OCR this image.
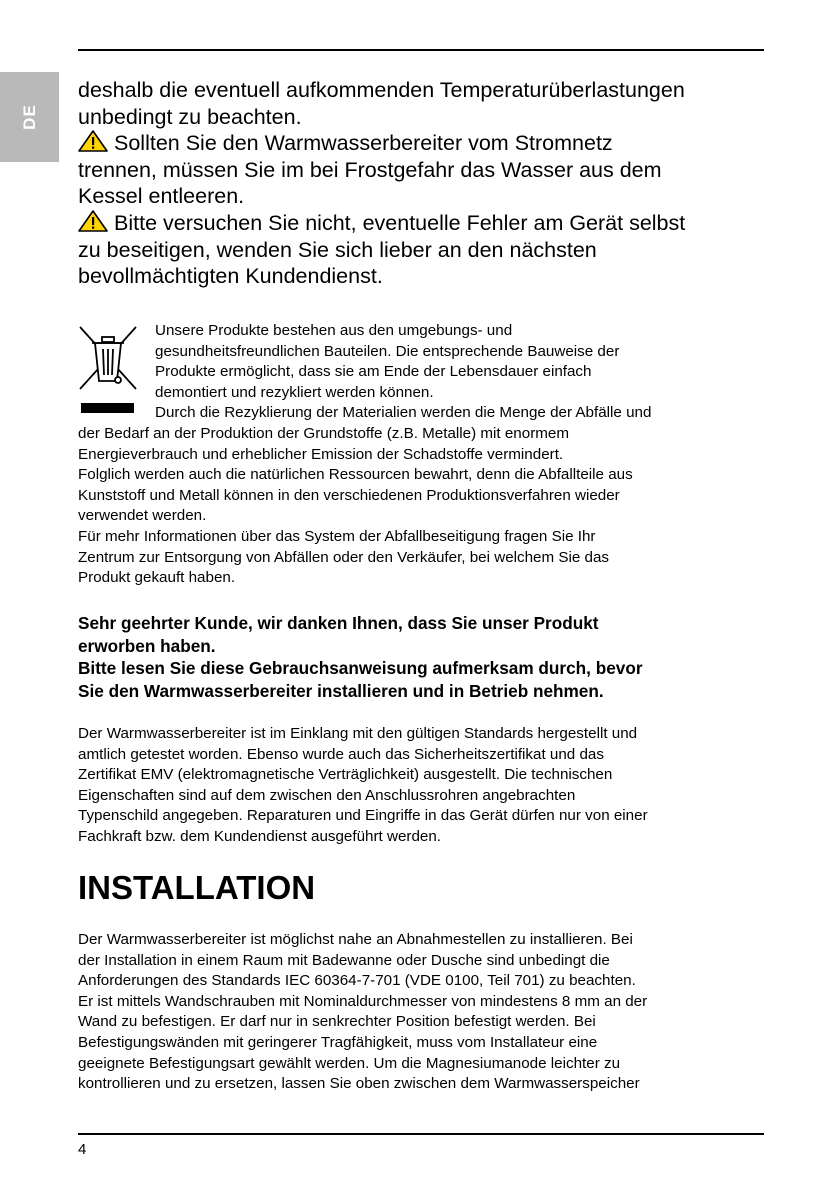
DE
deshalb die eventuell aufkommenden Temperaturüberlastungen
unbedingt zu beachten.
Sollten Sie den Warmwasserbereiter vom Stromnetz
trennen, müssen Sie im bei Frostgefahr das Wasser aus dem
Kessel entleeren.
Bitte versuchen Sie nicht, eventuelle Fehler am Gerät selbst
zu beseitigen, wenden Sie sich lieber an den nächsten
bevollmächtigten Kundendienst.
Unsere Produkte bestehen aus den umgebungs- und
gesundheitsfreundlichen Bauteilen. Die entsprechende Bauweise der
Produkte ermöglicht, dass sie am Ende der Lebensdauer einfach
demontiert und rezykliert werden können.
Durch die Rezyklierung der Materialien werden die Menge der Abfälle und
der Bedarf an der Produktion der Grundstoffe (z.B. Metalle) mit enormem
Energieverbrauch und erheblicher Emission der Schadstoffe vermindert.
Folglich werden auch die natürlichen Ressourcen bewahrt, denn die Abfallteile aus
Kunststoff und Metall können in den verschiedenen Produktionsverfahren wieder
verwendet werden.
Für mehr Informationen über das System der Abfallbeseitigung fragen Sie Ihr
Zentrum zur Entsorgung von Abfällen oder den Verkäufer, bei welchem Sie das
Produkt gekauft haben.
Sehr geehrter Kunde, wir danken Ihnen, dass Sie unser Produkt
erworben haben.
Bitte lesen Sie diese Gebrauchsanweisung aufmerksam durch, bevor
Sie den Warmwasserbereiter installieren und in Betrieb nehmen.
Der Warmwasserbereiter ist im Einklang mit den gültigen Standards hergestellt und
amtlich getestet worden. Ebenso wurde auch das Sicherheitszertifikat und das
Zertifikat EMV (elektromagnetische Verträglichkeit) ausgestellt. Die technischen
Eigenschaften sind auf dem zwischen den Anschlussrohren angebrachten
Typenschild angegeben. Reparaturen und Eingriffe in das Gerät dürfen nur von einer
Fachkraft bzw. dem Kundendienst ausgeführt werden.
INSTALLATION
Der Warmwasserbereiter ist möglichst nahe an Abnahmestellen zu installieren. Bei
der Installation in einem Raum mit Badewanne oder Dusche sind unbedingt die
Anforderungen des Standards IEC 60364-7-701 (VDE 0100, Teil 701) zu beachten.
Er ist mittels Wandschrauben mit Nominaldurchmesser von mindestens 8 mm an der
Wand zu befestigen. Er darf nur in senkrechter Position befestigt werden. Bei
Befestigungswänden mit geringerer Tragfähigkeit, muss vom Installateur eine
geeignete Befestigungsart gewählt werden. Um die Magnesiumanode leichter zu
kontrollieren und zu ersetzen, lassen Sie oben zwischen dem Warmwasserspeicher
4
